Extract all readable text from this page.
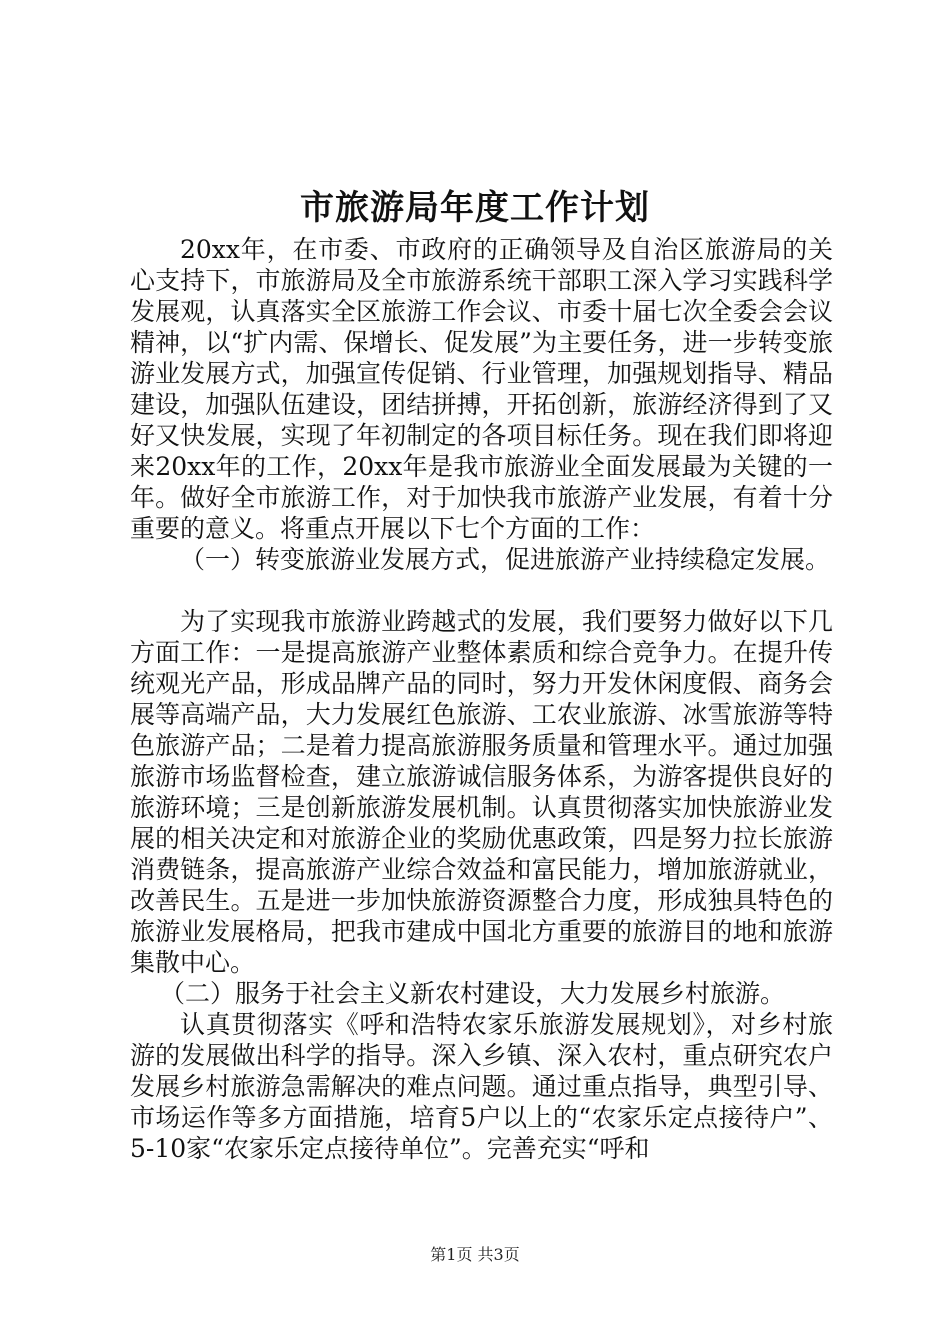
市旅游局年度工作计划

20xx年，在市委、市政府的正确领导及自治区旅游局的关心支持下，市旅游局及全市旅游系统干部职工深入学习实践科学发展观，认真落实全区旅游工作会议、市委十届七次全委会会议精神，以“扩内需、保增长、促发展”为主要任务，进一步转变旅游业发展方式，加强宣传促销、行业管理，加强规划指导、精品建设，加强队伍建设，团结拼搏，开拓创新，旅游经济得到了又好又快发展，实现了年初制定的各项目标任务。现在我们即将迎来20xx年的工作，20xx年是我市旅游业全面发展最为关键的一年。做好全市旅游工作，对于加快我市旅游产业发展，有着十分重要的意义。将重点开展以下七个方面的工作：

（一）转变旅游业发展方式，促进旅游产业持续稳定发展。

为了实现我市旅游业跨越式的发展，我们要努力做好以下几方面工作：一是提高旅游产业整体素质和综合竞争力。在提升传统观光产品，形成品牌产品的同时，努力开发休闲度假、商务会展等高端产品，大力发展红色旅游、工农业旅游、冰雪旅游等特色旅游产品；二是着力提高旅游服务质量和管理水平。通过加强旅游市场监督检查，建立旅游诚信服务体系，为游客提供良好的旅游环境；三是创新旅游发展机制。认真贯彻落实加快旅游业发展的相关决定和对旅游企业的奖励优惠政策，四是努力拉长旅游消费链条，提高旅游产业综合效益和富民能力，增加旅游就业，改善民生。五是进一步加快旅游资源整合力度，形成独具特色的旅游业发展格局，把我市建成中国北方重要的旅游目的地和旅游集散中心。

（二）服务于社会主义新农村建设，大力发展乡村旅游。

认真贯彻落实《呼和浩特农家乐旅游发展规划》，对乡村旅游的发展做出科学的指导。深入乡镇、深入农村，重点研究农户发展乡村旅游急需解决的难点问题。通过重点指导，典型引导、市场运作等多方面措施，培育5户以上的“农家乐定点接待户”、5-10家“农家乐定点接待单位”。完善充实“呼和

第1页 共3页
